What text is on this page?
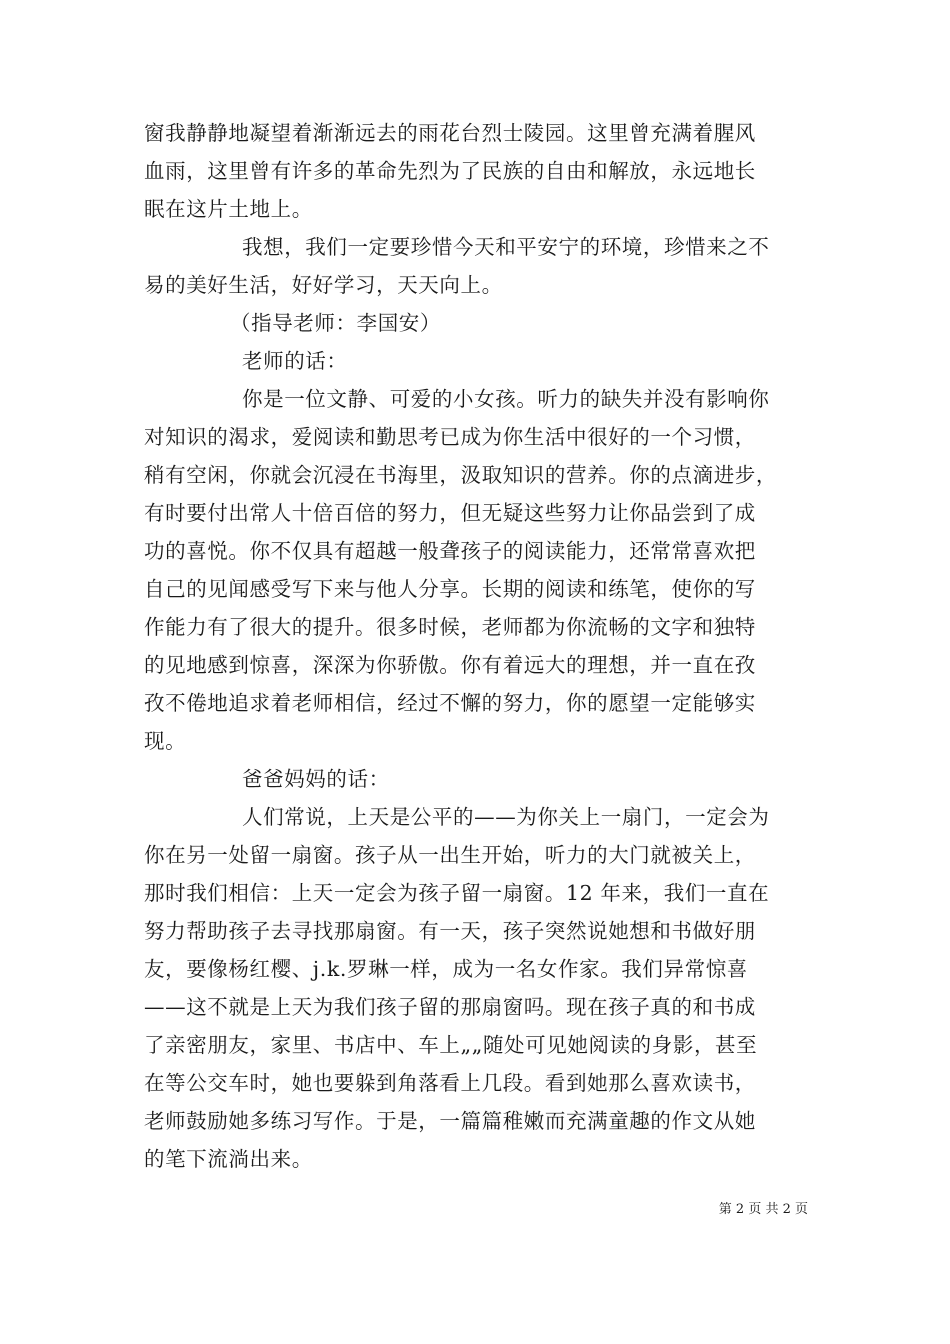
窗我静静地凝望着渐渐远去的雨花台烈士陵园。这里曾充满着腥风
血雨，这里曾有许多的革命先烈为了民族的自由和解放，永远地长
眠在这片土地上。
我想，我们一定要珍惜今天和平安宁的环境，珍惜来之不
易的美好生活，好好学习，天天向上。
（指导老师：李国安）
老师的话：
你是一位文静、可爱的小女孩。听力的缺失并没有影响你
对知识的渴求，爱阅读和勤思考已成为你生活中很好的一个习惯，
稍有空闲，你就会沉浸在书海里，汲取知识的营养。你的点滴进步，
有时要付出常人十倍百倍的努力，但无疑这些努力让你品尝到了成
功的喜悦。你不仅具有超越一般聋孩子的阅读能力，还常常喜欢把
自己的见闻感受写下来与他人分享。长期的阅读和练笔，使你的写
作能力有了很大的提升。很多时候，老师都为你流畅的文字和独特
的见地感到惊喜，深深为你骄傲。你有着远大的理想，并一直在孜
孜不倦地追求着老师相信，经过不懈的努力，你的愿望一定能够实
现。
爸爸妈妈的话：
人们常说，上天是公平的——为你关上一扇门，一定会为
你在另一处留一扇窗。孩子从一出生开始，听力的大门就被关上，
那时我们相信：上天一定会为孩子留一扇窗。12 年来，我们一直在
努力帮助孩子去寻找那扇窗。有一天，孩子突然说她想和书做好朋
友，要像杨红樱、j.k.罗琳一样，成为一名女作家。我们异常惊喜
——这不就是上天为我们孩子留的那扇窗吗。现在孩子真的和书成
了亲密朋友，家里、书店中、车上„„随处可见她阅读的身影，甚至
在等公交车时，她也要躲到角落看上几段。看到她那么喜欢读书，
老师鼓励她多练习写作。于是，一篇篇稚嫩而充满童趣的作文从她
的笔下流淌出来。
第 2 页 共 2 页
